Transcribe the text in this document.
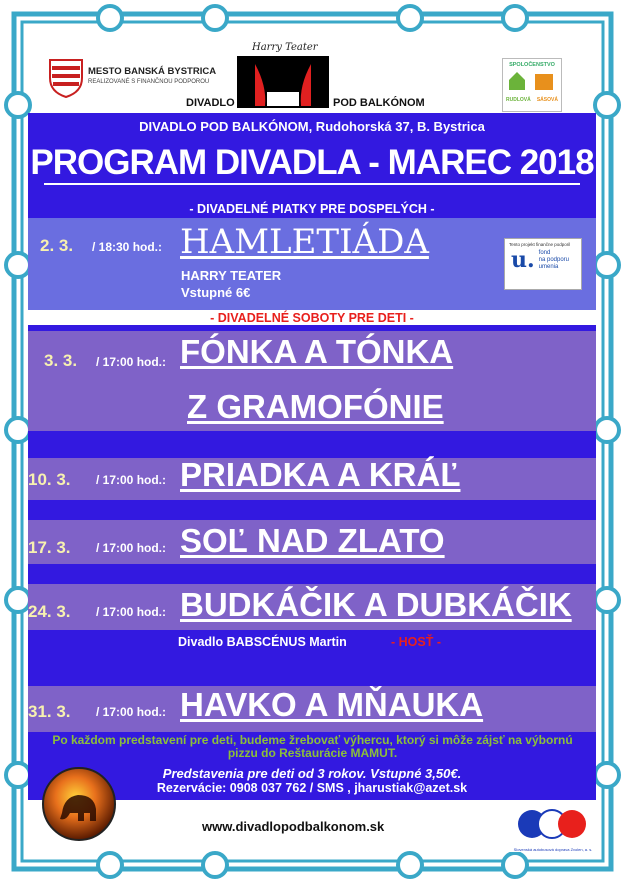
MESTO BANSKÁ BYSTRICA
REALIZOVANÉ S FINANČNOU PODPOROU
Harry Teater
DIVADLO	POD BALKÓNOM
SPOLOČENSTVO
RUDLOVÁ SÁSOVÁ
DIVADLO POD BALKÓNOM, Rudohorská 37, B. Bystrica
PROGRAM DIVADLA - MAREC 2018
- DIVADELNÉ PIATKY PRE DOSPELÝCH -
2. 3. / 18:30 hod.: HAMLETIÁDA
HARRY TEATER
Vstupné 6€
Tento projekt finančne podporil
u. fond
na podporu
umenia
- DIVADELNÉ SOBOTY PRE DETI -
3. 3. / 17:00 hod.: FÓNKA A TÓNKA
Z GRAMOFÓNIE
10. 3. / 17:00 hod.: PRIADKA A KRÁĽ
17. 3. / 17:00 hod.: SOĽ NAD ZLATO
24. 3. / 17:00 hod.: BUDKÁČIK A DUBKÁČIK
Divadlo BABSCÉNUS Martin	- HOSŤ -
31. 3. / 17:00 hod.: HAVKO A MŇAUKA
Po každom predstavení pre deti, budeme žrebovať výhercu, ktorý si môže zájsť na výbornú pizzu do Reštaurácie MAMUT.
Predstavenia pre deti od 3 rokov. Vstupné 3,50€.
Rezervácie: 0908 037 762 / SMS , jharustiak@azet.sk
www.divadlopodbalkonom.sk
Slovenská autobusová doprava Zvolen, a. s.
